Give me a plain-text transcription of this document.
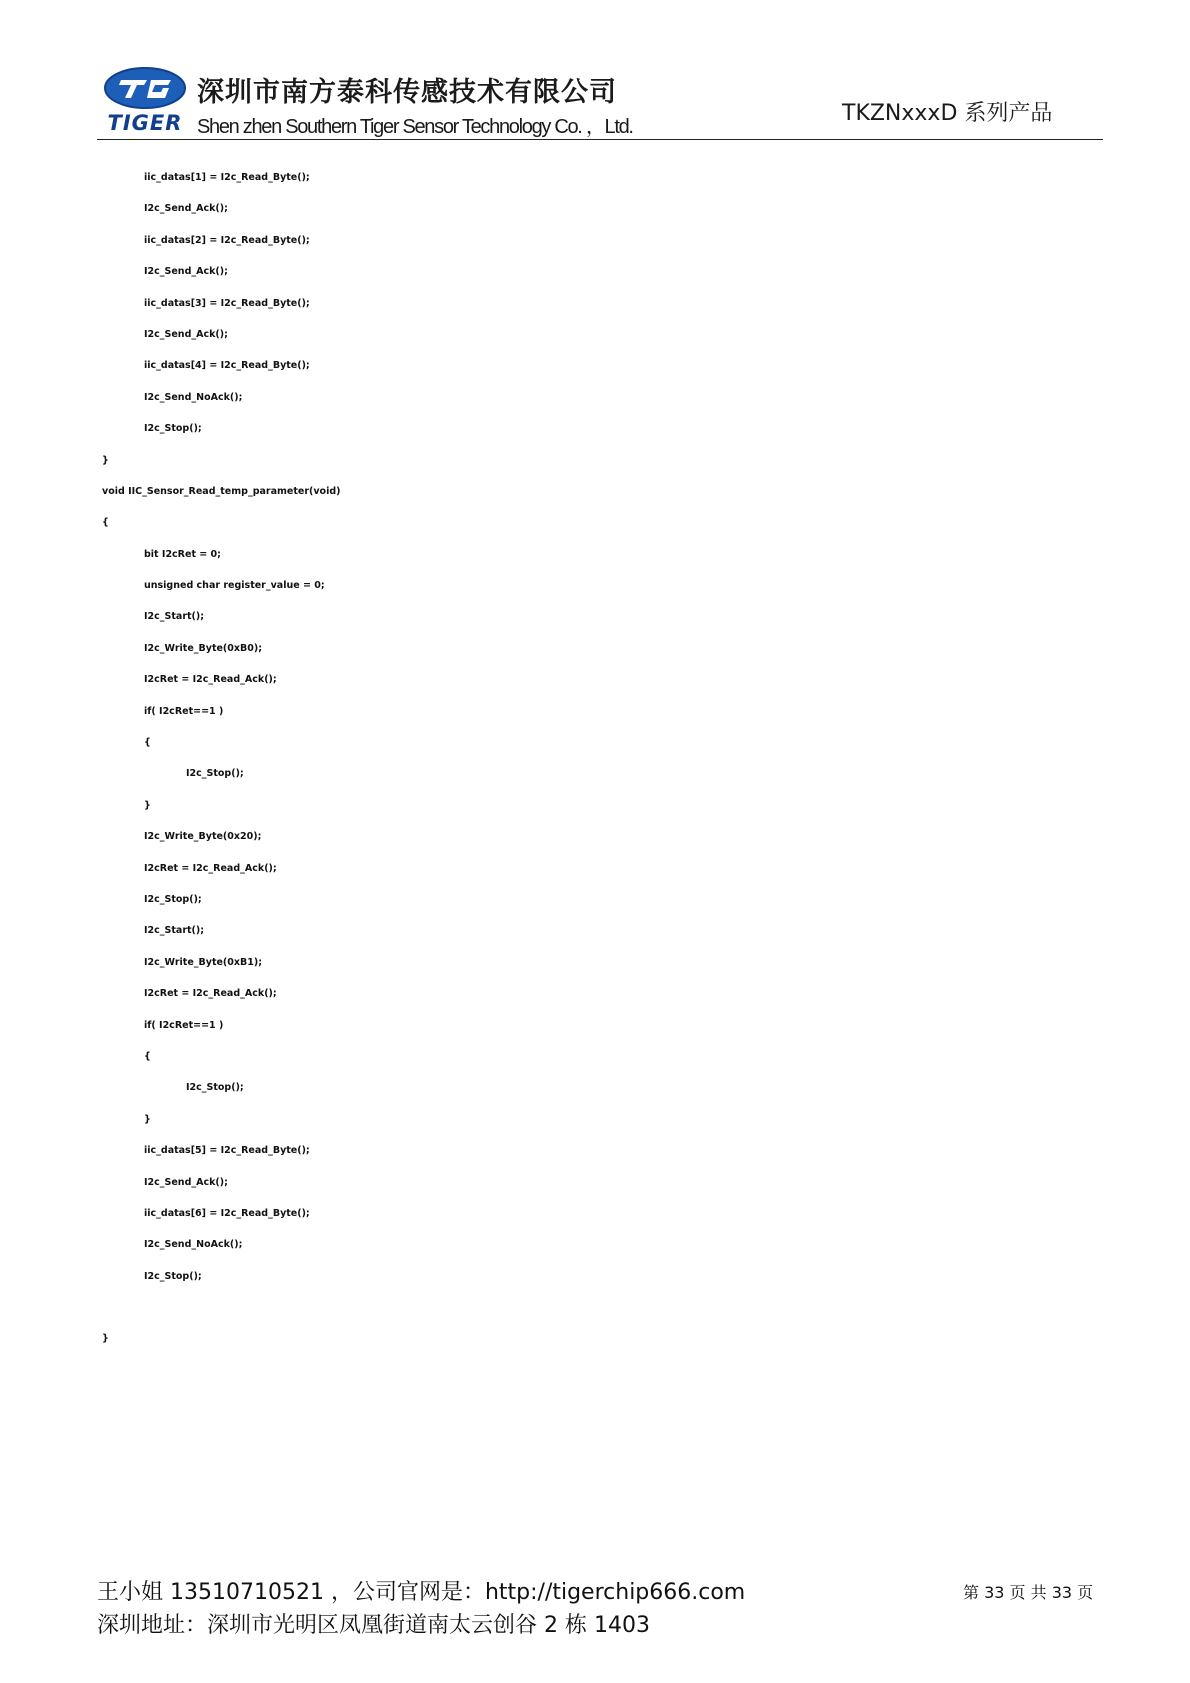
TIGER
深圳市南方泰科传感技术有限公司
Shen zhen Southern Tiger Sensor Technology Co. ，Ltd.
TKZNxxxD 系列产品
iic_datas[1] = I2c_Read_Byte();
I2c_Send_Ack();
iic_datas[2] = I2c_Read_Byte();
I2c_Send_Ack();
iic_datas[3] = I2c_Read_Byte();
I2c_Send_Ack();
iic_datas[4] = I2c_Read_Byte();
I2c_Send_NoAck();
I2c_Stop();
}
void IIC_Sensor_Read_temp_parameter(void)
{
bit I2cRet = 0;
unsigned char register_value = 0;
I2c_Start();
I2c_Write_Byte(0xB0);
I2cRet = I2c_Read_Ack();
if( I2cRet==1 )
{
I2c_Stop();
}
I2c_Write_Byte(0x20);
I2cRet = I2c_Read_Ack();
I2c_Stop();
I2c_Start();
I2c_Write_Byte(0xB1);
I2cRet = I2c_Read_Ack();
if( I2cRet==1 )
{
I2c_Stop();
}
iic_datas[5] = I2c_Read_Byte();
I2c_Send_Ack();
iic_datas[6] = I2c_Read_Byte();
I2c_Send_NoAck();
I2c_Stop();
}
王小姐 13510710521 ，公司官网是：http://tigerchip666.com
深圳地址：深圳市光明区凤凰街道南太云创谷 2 栋 1403
第 33 页 共 33 页
